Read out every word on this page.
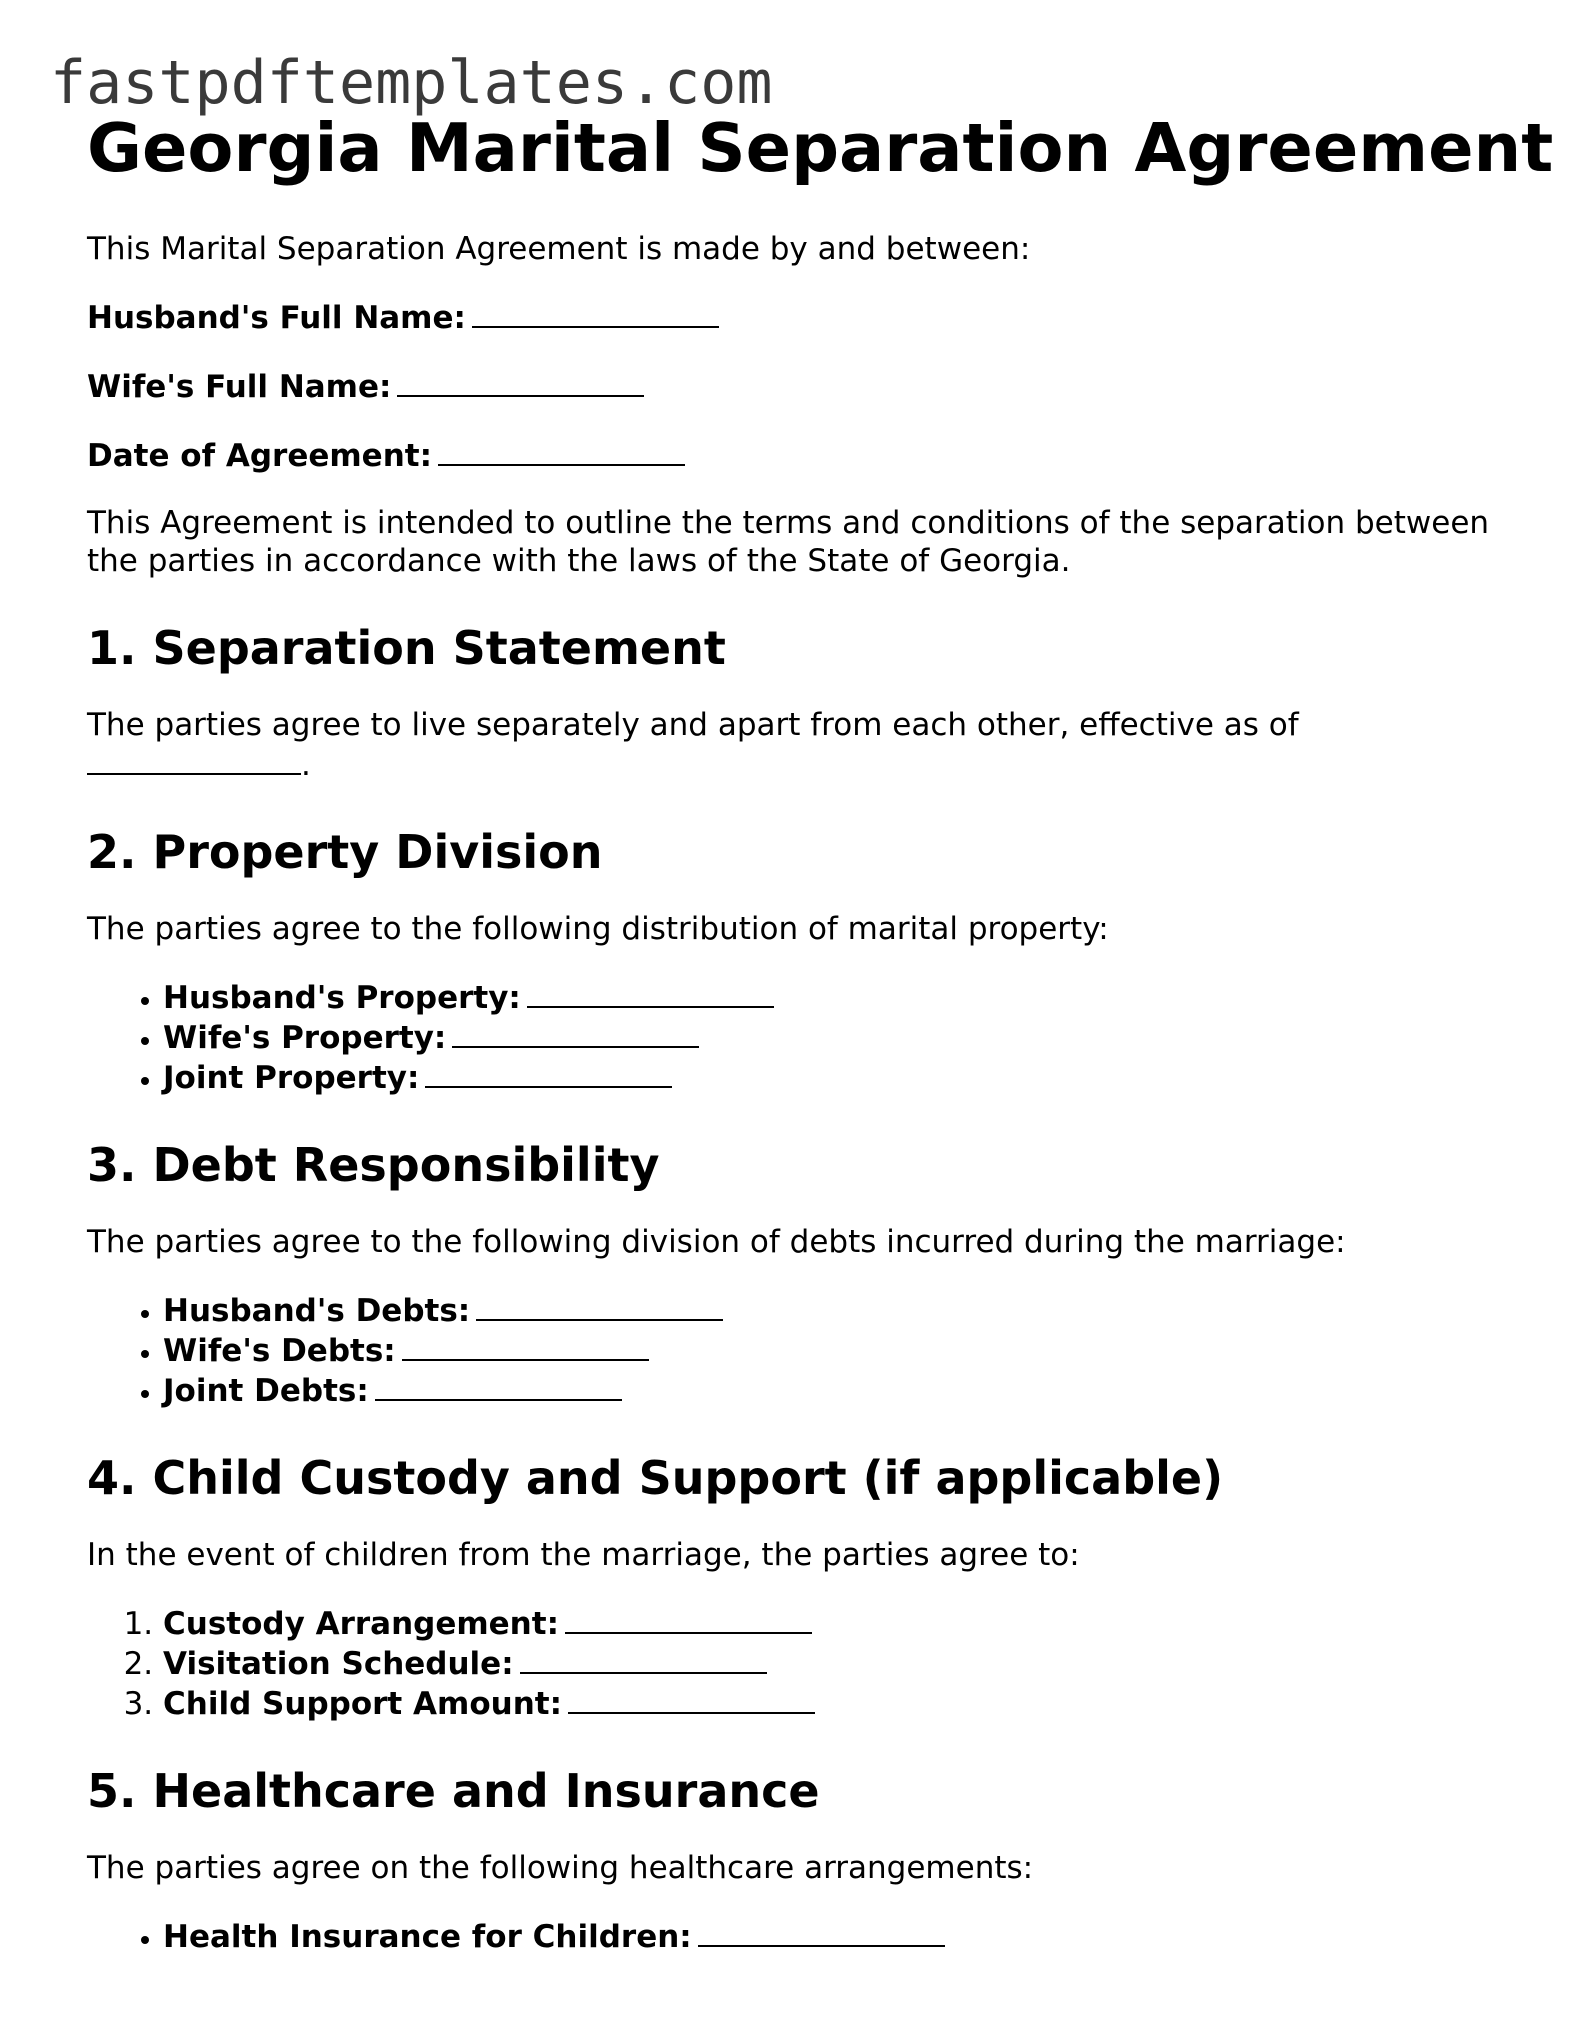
fastpdftemplates.com
Georgia Marital Separation Agreement

This Marital Separation Agreement is made by and between:

Husband's Full Name:
Wife's Full Name:
Date of Agreement:

This Agreement is intended to outline the terms and conditions of the separation between the parties in accordance with the laws of the State of Georgia.

1. Separation Statement

The parties agree to live separately and apart from each other, effective as of
.

2. Property Division

The parties agree to the following distribution of marital property:

• Husband's Property:
• Wife's Property:
• Joint Property:
3. Debt Responsibility

The parties agree to the following division of debts incurred during the marriage:

• Husband's Debts:
• Wife's Debts:
• Joint Debts:
4. Child Custody and Support (if applicable)

In the event of children from the marriage, the parties agree to:

1. Custody Arrangement:
2. Visitation Schedule:
3. Child Support Amount:
5. Healthcare and Insurance

The parties agree on the following healthcare arrangements:

• Health Insurance for Children:
